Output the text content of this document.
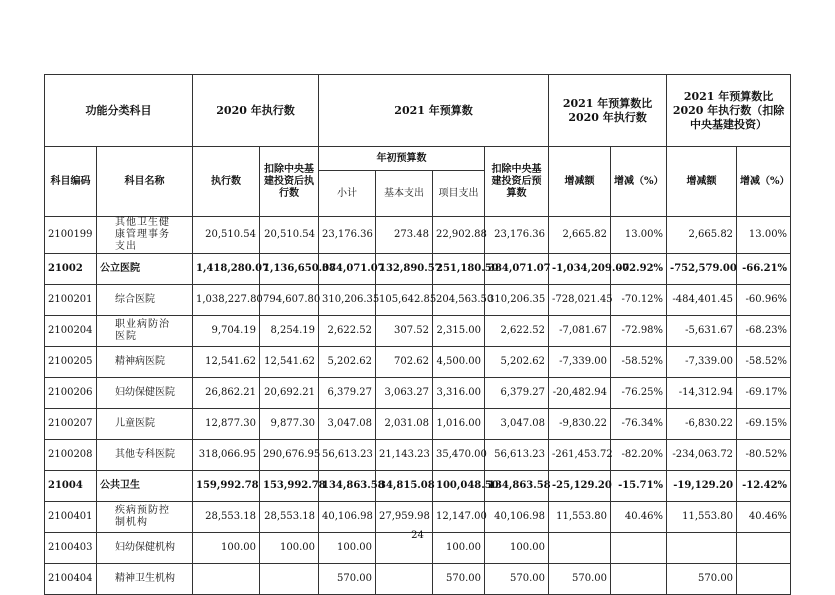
功能分类科目		2020 年执行数		2021 年预算数				2021 年预算数比2020 年执行数		2021 年预算数比2020 年执行数（扣除中央基建投资）	
科目编码	科目名称	执行数	扣除中央基建投资后执行数	年初预算数			扣除中央基建投资后预算数	增减额	增减（%）	增减额	增减（%）
				小计	基本支出	项目支出					
2100199	其他卫生健康管理事务支出	20,510.54	20,510.54	23,176.36	273.48	22,902.88	23,176.36	2,665.82	13.00%	2,665.82	13.00%
21002	公立医院	1,418,280.07	1,136,650.07	384,071.07	132,890.57	251,180.50	384,071.07	-1,034,209.00	-72.92%	-752,579.00	-66.21%
2100201	综合医院	1,038,227.80	794,607.80	310,206.35	105,642.85	204,563.50	310,206.35	-728,021.45	-70.12%	-484,401.45	-60.96%
2100204	职业病防治医院	9,704.19	8,254.19	2,622.52	307.52	2,315.00	2,622.52	-7,081.67	-72.98%	-5,631.67	-68.23%
2100205	精神病医院	12,541.62	12,541.62	5,202.62	702.62	4,500.00	5,202.62	-7,339.00	-58.52%	-7,339.00	-58.52%
2100206	妇幼保健医院	26,862.21	20,692.21	6,379.27	3,063.27	3,316.00	6,379.27	-20,482.94	-76.25%	-14,312.94	-69.17%
2100207	儿童医院	12,877.30	9,877.30	3,047.08	2,031.08	1,016.00	3,047.08	-9,830.22	-76.34%	-6,830.22	-69.15%
2100208	其他专科医院	318,066.95	290,676.95	56,613.23	21,143.23	35,470.00	56,613.23	-261,453.72	-82.20%	-234,063.72	-80.52%
21004	公共卫生	159,992.78	153,992.78	134,863.58	34,815.08	100,048.50	134,863.58	-25,129.20	-15.71%	-19,129.20	-12.42%
2100401	疾病预防控制机构	28,553.18	28,553.18	40,106.98	27,959.98	12,147.00	40,106.98	11,553.80	40.46%	11,553.80	40.46%
2100403	妇幼保健机构	100.00	100.00	100.00		100.00	100.00				
2100404	精神卫生机构			570.00		570.00	570.00	570.00		570.00	
24
